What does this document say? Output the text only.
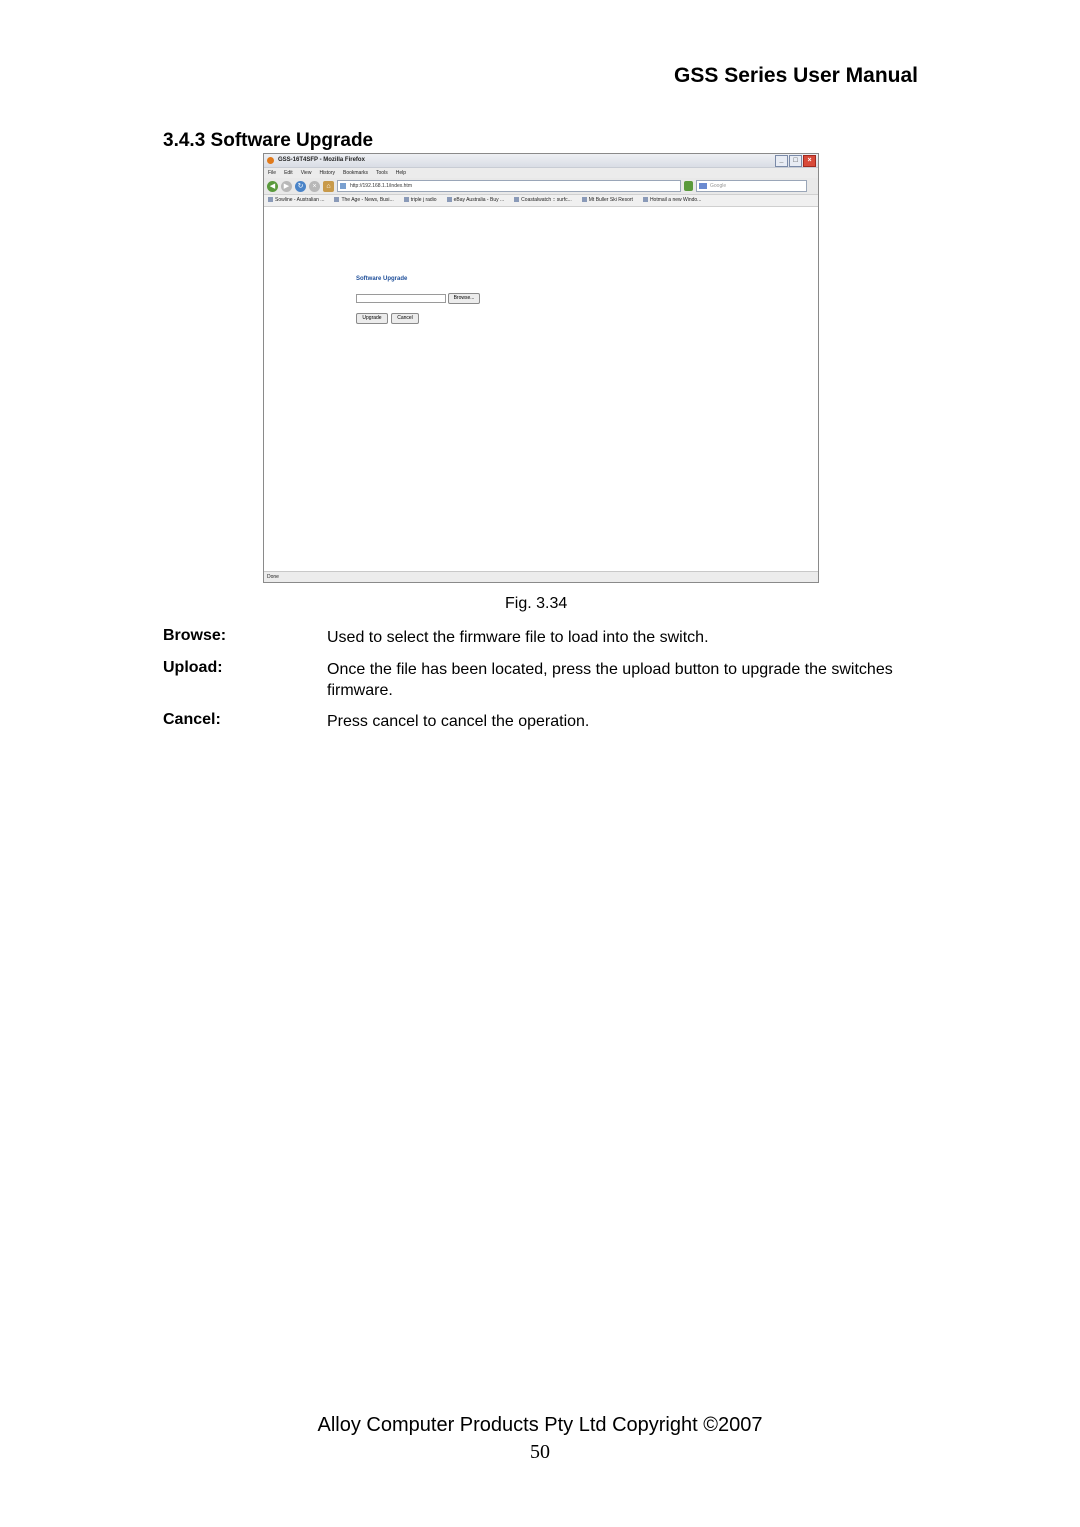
GSS Series User Manual
3.4.3 Software Upgrade
GSS-16T4SFP - Mozilla Firefox	_	□	×
File Edit View History Bookmarks Tools Help
◀	▶	↻	×	⌂	http://192.168.1.1/index.htm	Google
Sowline - Australian ...	The Age - News, Busi...	triple j radio	eBay Australia - Buy ...	Coastalwatch :: surfc...	Mt Buller Ski Resort	Hotmail a new Windo...
Software Upgrade
Browse...
Upgrade	Cancel
Done
Fig. 3.34
Browse:	Used to select the firmware file to load into the switch.
Upload:	Once the file has been located, press the upload button to upgrade the switches firmware.
Cancel:	Press cancel to cancel the operation.
Alloy Computer Products Pty Ltd Copyright ©2007
50
